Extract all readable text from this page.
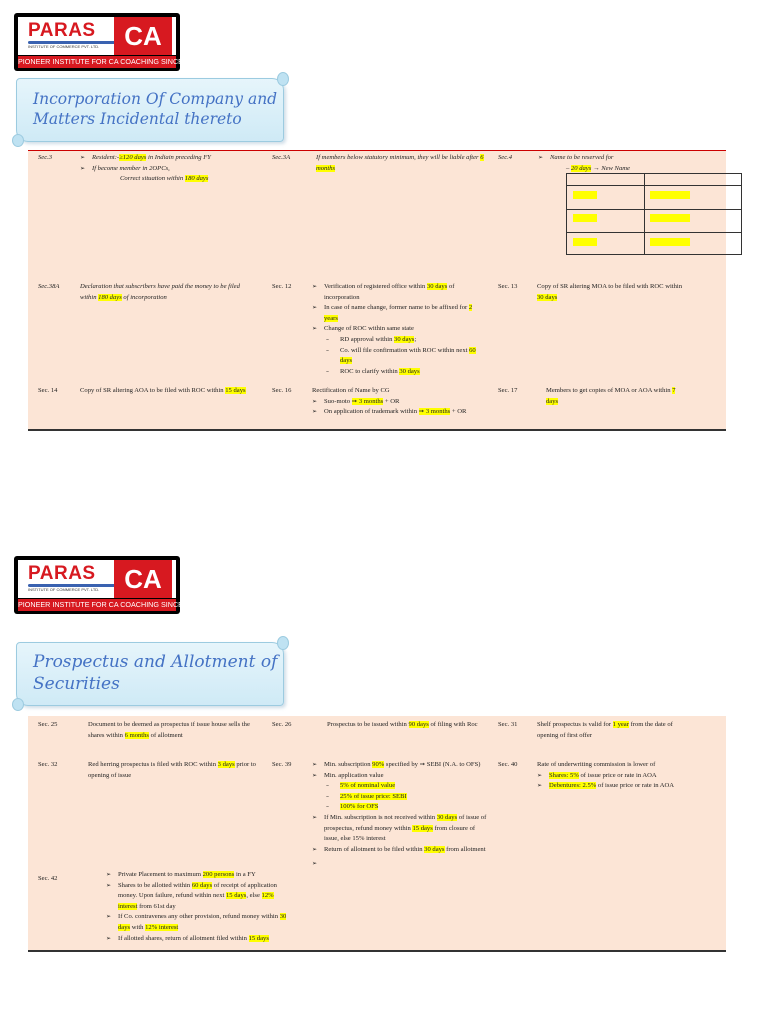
PARAS
INSTITUTE OF COMMERCE PVT. LTD. CA
PIONEER INSTITUTE FOR CA COACHING SINCE 1995
Incorporation Of Company and
Matters Incidental thereto
Sec.3	➢ Resident:-≥120 days in Indiain preceding FY
➢ If become member in 2OPCs,
Correct situation within 180 days
Sec.3A	If members below statutory minimum, they will be liable after 6 months
Sec.4	➢ Name to be reserved for
– 20 days → New Name
Sec.38A	Declaration that subscribers have paid the money to be filed within 180 days of incorporation
Sec. 12	➢ Verification of registered office within 30 days of incorporation
➢ In case of name change, former name to be affixed for 2 years
➢ Change of ROC within same state
– RD approval within 30 days;
– Co. will file confirmation with ROC within next 60 days
– ROC to clarify within 30 days
Sec. 13	Copy of SR altering MOA to be filed with ROC within 30 days
Sec. 14	Copy of SR altering AOA to be filed with ROC within 15 days	Sec. 16	Rectification of Name by CG
➢ Suo-moto ➞ 3 months + OR
➢ On application of trademark within ➞ 3 months + OR
Sec. 17	Members to get copies of MOA or AOA within 7 days
PARAS
INSTITUTE OF COMMERCE PVT. LTD. CA
PIONEER INSTITUTE FOR CA COACHING SINCE 1995
Prospectus and Allotment of
Securities
Sec. 25	Document to be deemed as prospectus if issue house sells the shares within 6 months of allotment
Sec. 26	Prospectus to be issued within 90 days of filing with Roc	Sec. 31	Shelf prospectus is valid for 1 year from the date of opening of first offer
Sec. 32	Red herring prospectus is filed with ROC within 3 days prior to opening of issue
Sec. 39	➢ Min. subscription 90% specified by ➞ SEBI (N.A. to OFS)
➢ Min. application value
– 5% of nominal value
– 25% of issue price: SEBI
– 100% for OFS
➢ If Min. subscription is not received within 30 days of issue of prospectus, refund money within 15 days from closure of issue, else 15% interest
➢ Return of allotment to be filed within 30 days from allotment
Sec. 40	Rate of underwriting commission is lower of
➢ Shares: 5% of issue price or rate in AOA
➢ Debentures: 2.5% of issue price or rate in AOA
Sec. 42
➢ Private Placement to maximum 200 persons in a FY
➢ Shares to be allotted within 60 days of receipt of application money. Upon failure, refund within next 15 days, else 12% interest from 61st day
➢ If Co. contravenes any other provision, refund money within 30 days with 12% interest
➢ If allotted shares, return of allotment filed within 15 days
